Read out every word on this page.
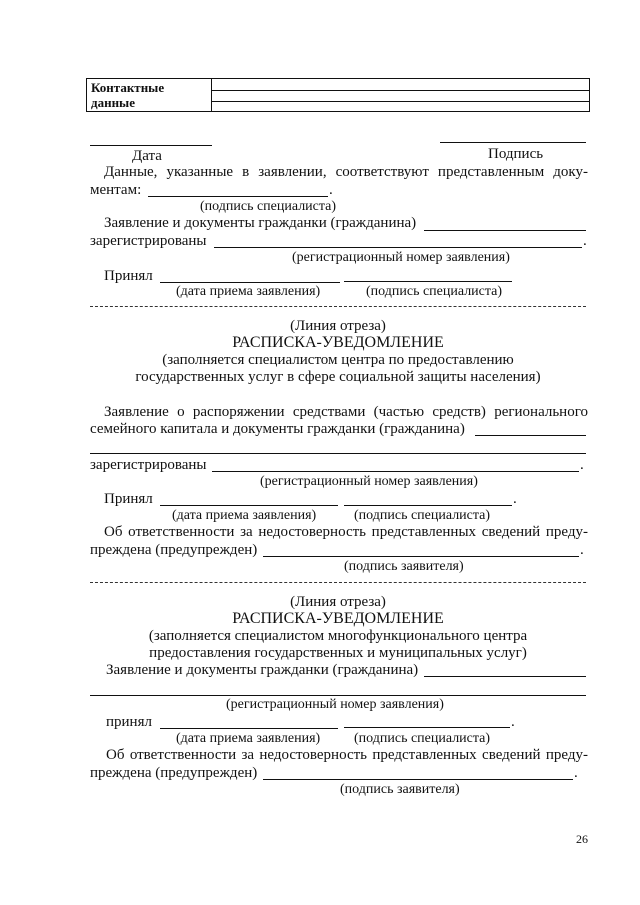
Контактные
данные
Дата	Подпись
Данные, указанные в заявлении, соответствуют представленным доку-
ментам:	.
(подпись специалиста)
Заявление и документы гражданки (гражданина)
зарегистрированы	.
(регистрационный номер заявления)
Принял
(дата приема заявления)	(подпись специалиста)
(Линия отреза)
РАСПИСКА-УВЕДОМЛЕНИЕ
(заполняется специалистом центра по предоставлению
государственных услуг в сфере социальной защиты населения)
Заявление о распоряжении средствами (частью средств) регионального
семейного капитала и документы гражданки (гражданина)
зарегистрированы	.
(регистрационный номер заявления)
Принял	.
(дата приема заявления)	(подпись специалиста)
Об ответственности за недостоверность представленных сведений преду-
преждена (предупрежден)	.
(подпись заявителя)
(Линия отреза)
РАСПИСКА-УВЕДОМЛЕНИЕ
(заполняется специалистом многофункционального центра
предоставления государственных и муниципальных услуг)
Заявление и документы гражданки (гражданина)
(регистрационный номер заявления)
принял	.
(дата приема заявления) (подпись специалиста)
Об ответственности за недостоверность представленных сведений преду-
преждена (предупрежден)	.
(подпись заявителя)
26
